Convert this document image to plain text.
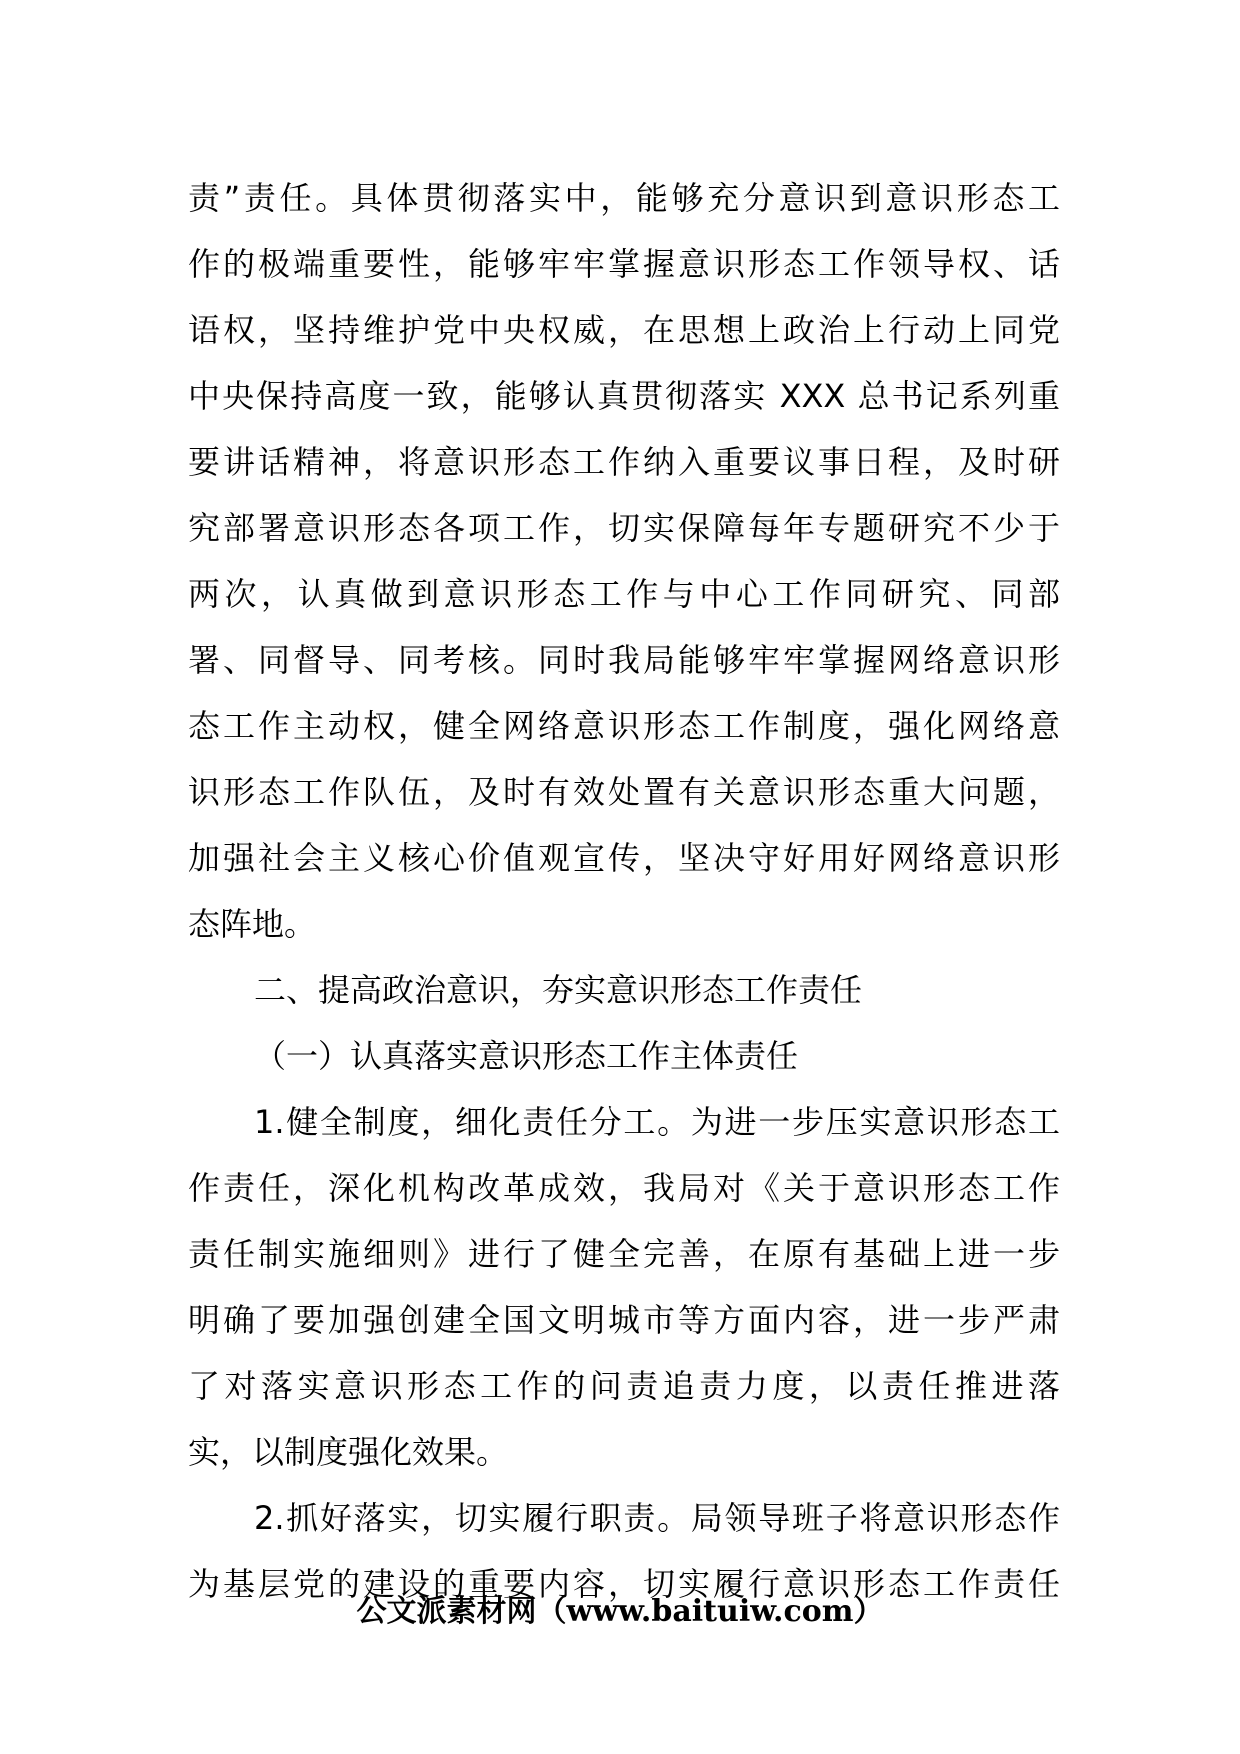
责”责任。具体贯彻落实中，能够充分意识到意识形态工
作的极端重要性，能够牢牢掌握意识形态工作领导权、话
语权，坚持维护党中央权威，在思想上政治上行动上同党
中央保持高度一致，能够认真贯彻落实 XXX 总书记系列重
要讲话精神，将意识形态工作纳入重要议事日程，及时研
究部署意识形态各项工作，切实保障每年专题研究不少于
两次，认真做到意识形态工作与中心工作同研究、同部
署、同督导、同考核。同时我局能够牢牢掌握网络意识形
态工作主动权，健全网络意识形态工作制度，强化网络意
识形态工作队伍，及时有效处置有关意识形态重大问题，
加强社会主义核心价值观宣传，坚决守好用好网络意识形
态阵地。
二、提高政治意识，夯实意识形态工作责任
（一）认真落实意识形态工作主体责任
1.健全制度，细化责任分工。为进一步压实意识形态工
作责任，深化机构改革成效，我局对《关于意识形态工作
责任制实施细则》进行了健全完善，在原有基础上进一步
明确了要加强创建全国文明城市等方面内容，进一步严肃
了对落实意识形态工作的问责追责力度，以责任推进落
实，以制度强化效果。
2.抓好落实，切实履行职责。局领导班子将意识形态作
为基层党的建设的重要内容，切实履行意识形态工作责任
公文派素材网（www.baituiw.com）
